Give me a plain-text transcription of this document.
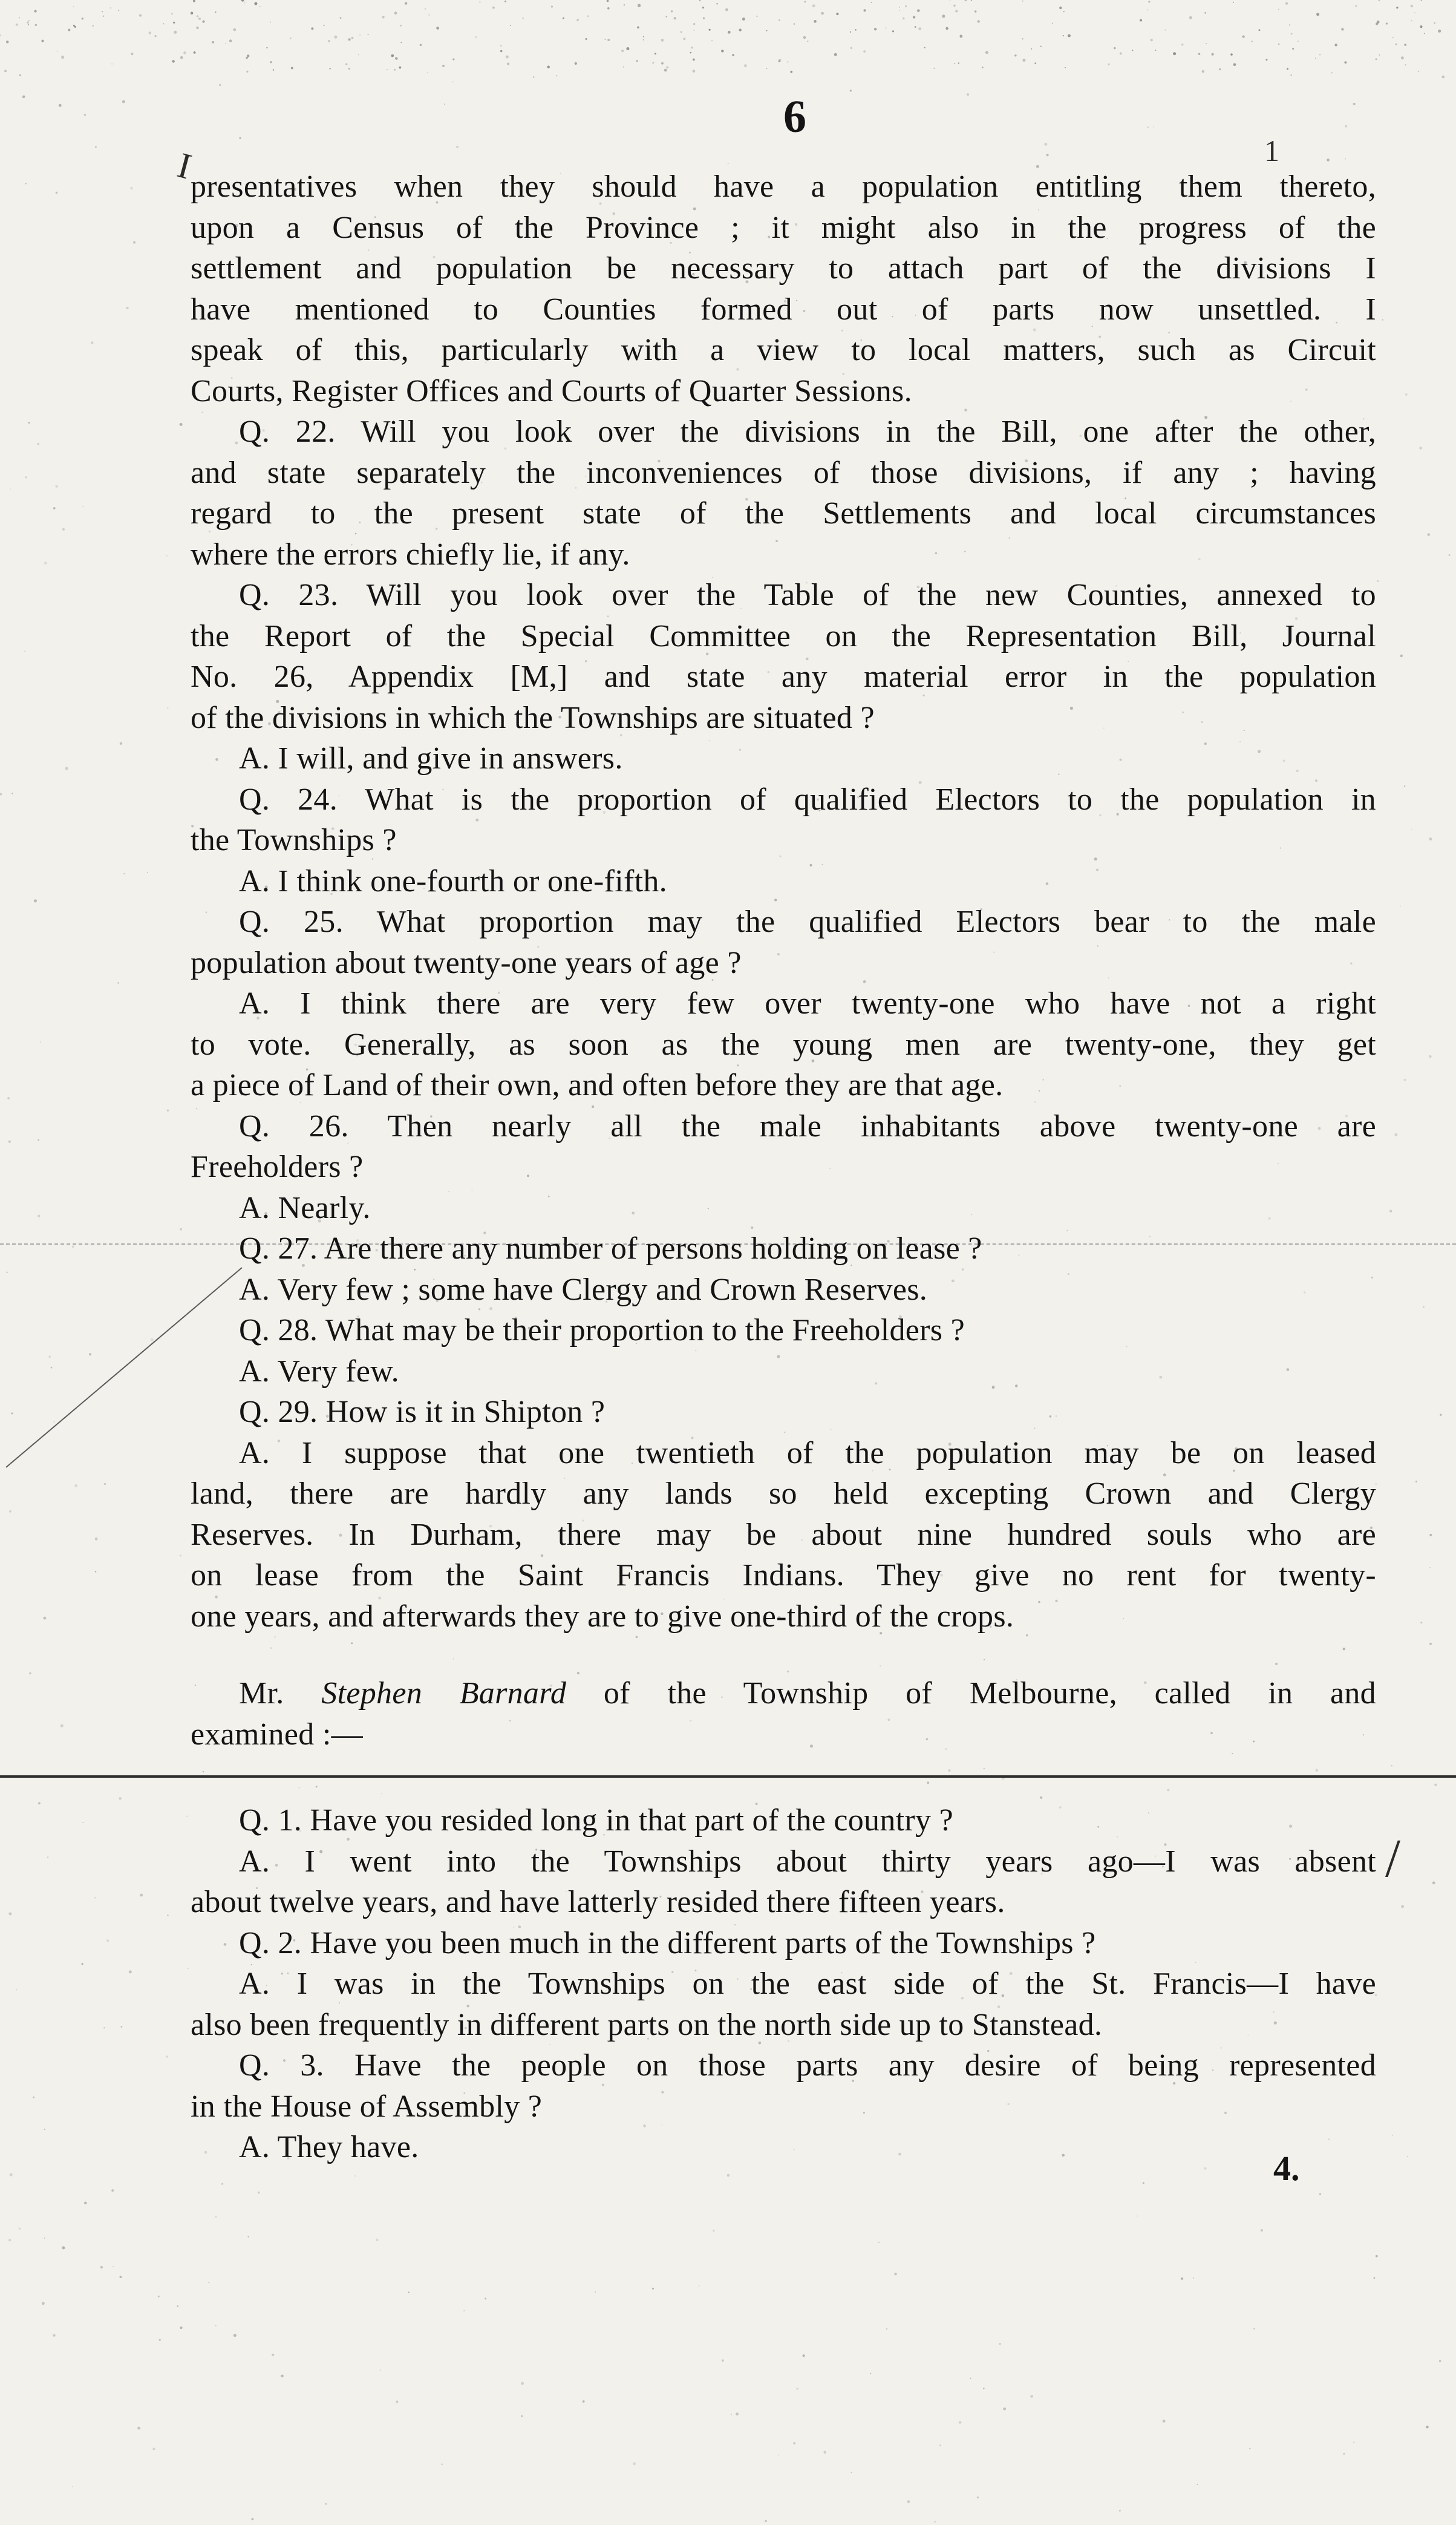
I
6
1
/
presentatives when they should have a population entitling them thereto,
upon a Census of the Province ; it might also in the progress of the
settlement and population be necessary to attach part of the divisions I
have mentioned to Counties formed out of parts now unsettled. I
speak of this, particularly with a view to local matters, such as Circuit
Courts, Register Offices and Courts of Quarter Sessions.
Q. 22. Will you look over the divisions in the Bill, one after the other,
and state separately the inconveniences of those divisions, if any ; having
regard to the present state of the Settlements and local circumstances
where the errors chiefly lie, if any.
Q. 23. Will you look over the Table of the new Counties, annexed to
the Report of the Special Committee on the Representation Bill, Journal
No. 26, Appendix [M,] and state any material error in the population
of the divisions in which the Townships are situated ?
A. I will, and give in answers.
Q. 24. What is the proportion of qualified Electors to the population in
the Townships ?
A. I think one-fourth or one-fifth.
Q. 25. What proportion may the qualified Electors bear to the male
population about twenty-one years of age ?
A. I think there are very few over twenty-one who have not a right
to vote. Generally, as soon as the young men are twenty-one, they get
a piece of Land of their own, and often before they are that age.
Q. 26. Then nearly all the male inhabitants above twenty-one are
Freeholders ?
A. Nearly.
Q. 27. Are there any number of persons holding on lease ?
A. Very few ; some have Clergy and Crown Reserves.
Q. 28. What may be their proportion to the Freeholders ?
A. Very few.
Q. 29. How is it in Shipton ?
A. I suppose that one twentieth of the population may be on leased
land, there are hardly any lands so held excepting Crown and Clergy
Reserves. In Durham, there may be about nine hundred souls who are
on lease from the Saint Francis Indians. They give no rent for twenty-
one years, and afterwards they are to give one-third of the crops.
Mr. Stephen Barnard of the Township of Melbourne, called in and
examined :—
Q. 1. Have you resided long in that part of the country ?
A. I went into the Townships about thirty years ago—I was absent
about twelve years, and have latterly resided there fifteen years.
Q. 2. Have you been much in the different parts of the Townships ?
A. I was in the Townships on the east side of the St. Francis—I have
also been frequently in different parts on the north side up to Stanstead.
Q. 3. Have the people on those parts any desire of being represented
in the House of Assembly ?
A. They have.
4.
